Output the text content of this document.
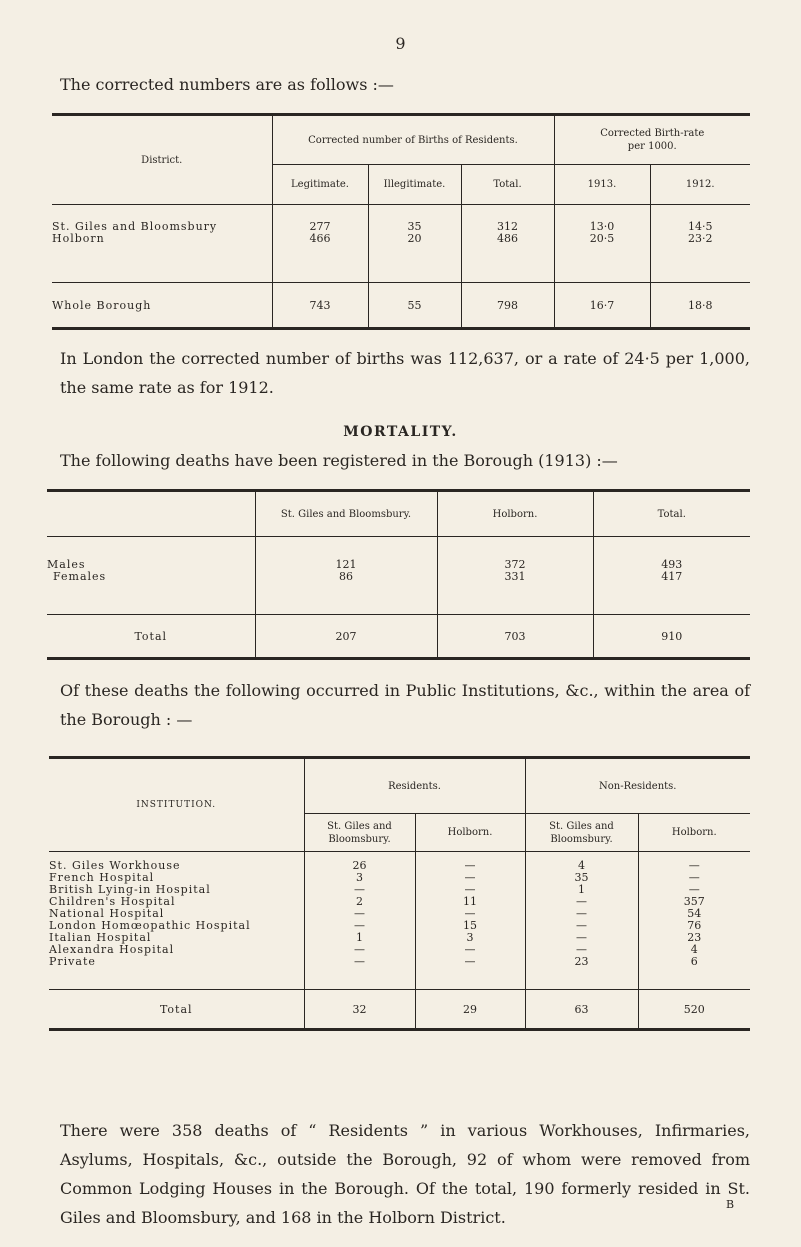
9
The corrected numbers are as follows :—
District.	Corrected number of Births of Residents.			Corrected Birth-rate per 1000.	
	Legitimate.	Illegitimate.	Total.	1913.	1912.

St. Giles and Bloomsbury	277	35	312	13·0	14·5
Holborn	466	20	486	20·5	23·2

Whole Borough	743	55	798	16·7	18·8
In London the corrected number of births was 112,637, or a rate of 24·5 per 1,000, the same rate as for 1912.
MORTALITY.
The following deaths have been registered in the Borough (1913) :—
	St. Giles and Bloomsbury.	Holborn.	Total.

Males	121	372	493
Females	86	331	417

Total	207	703	910
Of these deaths the following occurred in Public Institutions, &c., within the area of the Borough : —
INSTITUTION.	Residents.		Non-Residents.	
	St. Giles and Bloomsbury.	Holborn.	St. Giles and Bloomsbury.	Holborn.

St. Giles Workhouse	26	—	4	—
French Hospital	3	—	35	—
British Lying-in Hospital	—	—	1	—
Children's Hospital	2	11	—	357
National Hospital	—	—	—	54
London Homœopathic Hospital	—	15	—	76
Italian Hospital	1	3	—	23
Alexandra Hospital	—	—	—	4
Private	—	—	23	6

Total	32	29	63	520
There were 358 deaths of “ Residents ” in various Workhouses, Infirmaries, Asylums, Hospitals, &c., outside the Borough, 92 of whom were removed from Common Lodging Houses in the Borough. Of the total, 190 formerly resided in St. Giles and Bloomsbury, and 168 in the Holborn District.
B
